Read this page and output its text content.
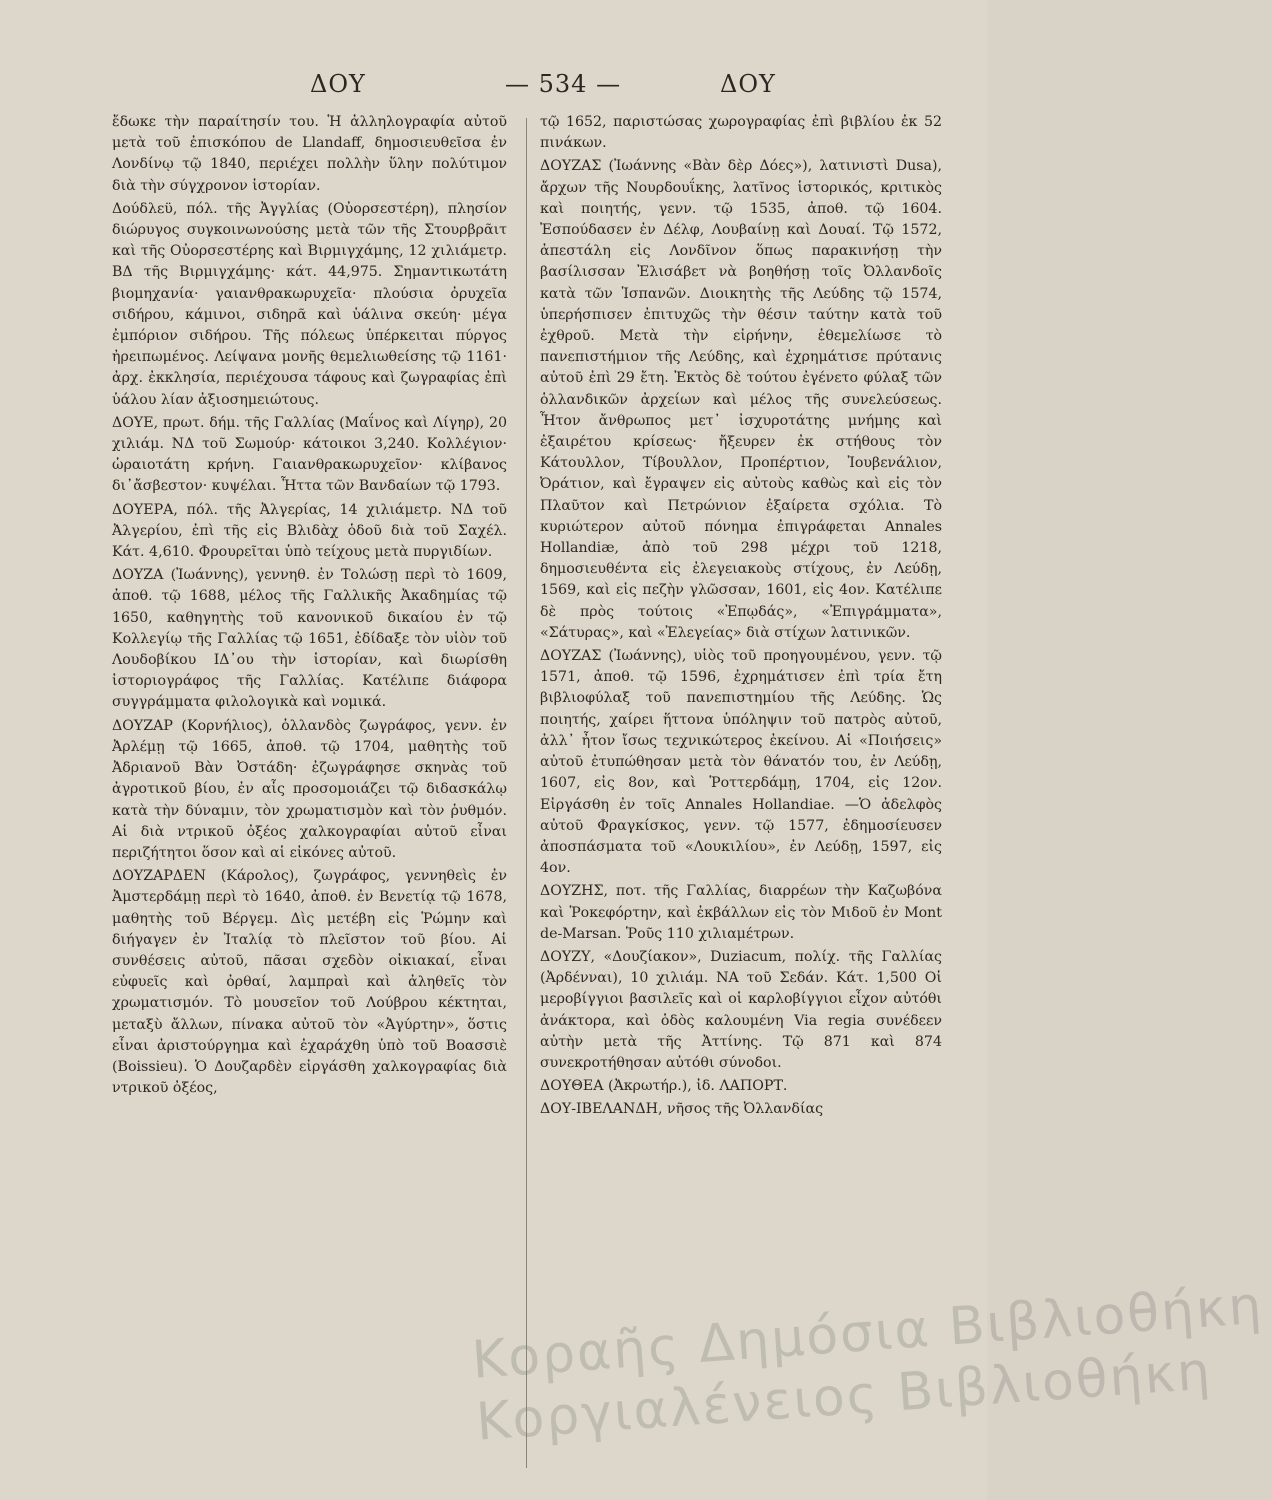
ΔΟΥ	— 534 —	ΔΟΥ

ἔδωκε τὴν παραίτησίν του. Ἡ ἀλληλογραφία αὐτοῦ μετὰ τοῦ ἐπισκόπου de Llandaff, δημοσιευθεῖσα ἐν Λονδίνῳ τῷ 1840, περιέχει πολλὴν ὕλην πολύτιμον διὰ τὴν σύγχρονον ἱστορίαν.

Δούδλεϋ, πόλ. τῆς Ἀγγλίας (Οὐορσεστέρη), πλησίον διώρυγος συγκοινωνούσης μετὰ τῶν τῆς Στουρβρᾶιτ καὶ τῆς Οὐορσεστέρης καὶ Βιρμιγχάμης, 12 χιλιάμετρ. ΒΔ τῆς Βιρμιγχάμης· κάτ. 44,975. Σημαντικωτάτη βιομηχανία· γαιανθρακωρυχεῖα· πλούσια ὀρυχεῖα σιδήρου, κάμινοι, σιδηρᾶ καὶ ὑάλινα σκεύη· μέγα ἐμπόριον σιδήρου. Τῆς πόλεως ὑπέρκειται πύργος ἠρειπωμένος. Λείψανα μονῆς θεμελιωθείσης τῷ 1161· ἀρχ. ἐκκλησία, περιέχουσα τάφους καὶ ζωγραφίας ἐπὶ ὑάλου λίαν ἀξιοσημειώτους.

ΔΟΥΕ, πρωτ. δήμ. τῆς Γαλλίας (Μαΐνος καὶ Λίγηρ), 20 χιλιάμ. ΝΔ τοῦ Σωμούρ· κάτοικοι 3,240. Κολλέγιον· ὡραιοτάτη κρήνη. Γαιανθρακωρυχεῖον· κλίβανος δι᾽ἄσβεστον· κυψέλαι. Ἧττα τῶν Βανδαίων τῷ 1793.

ΔΟΥΕΡΑ, πόλ. τῆς Ἀλγερίας, 14 χιλιάμετρ. ΝΔ τοῦ Ἀλγερίου, ἐπὶ τῆς εἰς Βλιδὰχ ὁδοῦ διὰ τοῦ Σαχέλ. Κάτ. 4,610. Φρουρεῖται ὑπὸ τείχους μετὰ πυργιδίων.

ΔΟΥΖΑ (Ἰωάννης), γεννηθ. ἐν Τολώσῃ περὶ τὸ 1609, ἀποθ. τῷ 1688, μέλος τῆς Γαλλικῆς Ἀκαδημίας τῷ 1650, καθηγητὴς τοῦ κανονικοῦ δικαίου ἐν τῷ Κολλεγίῳ τῆς Γαλλίας τῷ 1651, ἐδίδαξε τὸν υἱὸν τοῦ Λουδοβίκου ΙΔ᾽ου τὴν ἱστορίαν, καὶ διωρίσθη ἱστοριογράφος τῆς Γαλλίας. Κατέλιπε διάφορα συγγράμματα φιλολογικὰ καὶ νομικά.

ΔΟΥΖΑΡ (Κορνήλιος), ὁλλανδὸς ζωγράφος, γενν. ἐν Ἀρλέμῃ τῷ 1665, ἀποθ. τῷ 1704, μαθητὴς τοῦ Ἀδριανοῦ Βὰν Ὀστάδη· ἐζωγράφησε σκηνὰς τοῦ ἀγροτικοῦ βίου, ἐν αἷς προσομοιάζει τῷ διδασκάλῳ κατὰ τὴν δύναμιν, τὸν χρωματισμὸν καὶ τὸν ῥυθμόν. Αἱ διὰ ντρικοῦ ὀξέος χαλκογραφίαι αὐτοῦ εἶναι περιζήτητοι ὅσον καὶ αἱ εἰκόνες αὐτοῦ.

ΔΟΥΖΑΡΔΕΝ (Κάρολος), ζωγράφος, γεννηθεὶς ἐν Ἀμστερδάμῃ περὶ τὸ 1640, ἀποθ. ἐν Βενετίᾳ τῷ 1678, μαθητὴς τοῦ Βέργεμ. Δὶς μετέβη εἰς Ῥώμην καὶ διήγαγεν ἐν Ἰταλίᾳ τὸ πλεῖστον τοῦ βίου. Αἱ συνθέσεις αὐτοῦ, πᾶσαι σχεδὸν οἰκιακαί, εἶναι εὐφυεῖς καὶ ὀρθαί, λαμπραὶ καὶ ἀληθεῖς τὸν χρωματισμόν. Τὸ μουσεῖον τοῦ Λούβρου κέκτηται, μεταξὺ ἄλλων, πίνακα αὐτοῦ τὸν «Ἀγύρτην», ὅστις εἶναι ἀριστούργημα καὶ ἐχαράχθη ὑπὸ τοῦ Βοασσιὲ (Boissieu). Ὁ Δουζαρδὲν εἰργάσθη χαλκογραφίας διὰ ντρικοῦ ὀξέος,

τῷ 1652, παριστώσας χωρογραφίας ἐπὶ βιβλίου ἐκ 52 πινάκων.

ΔΟΥΖΑΣ (Ἰωάννης «Βὰν δὲρ Δόες»), λατινιστὶ Dusa), ἄρχων τῆς Νουρδουΐκης, λατῖνος ἱστορικός, κριτικὸς καὶ ποιητής, γενν. τῷ 1535, ἀποθ. τῷ 1604. Ἐσπούδασεν ἐν Δέλφ, Λουβαίνῃ καὶ Δουαί. Τῷ 1572, ἀπεστάλη εἰς Λονδῖνον ὅπως παρακινήσῃ τὴν βασίλισσαν Ἐλισάβετ νὰ βοηθήσῃ τοῖς Ὀλλανδοῖς κατὰ τῶν Ἱσπανῶν. Διοικητὴς τῆς Λεύδης τῷ 1574, ὑπερήσπισεν ἐπιτυχῶς τὴν θέσιν ταύτην κατὰ τοῦ ἐχθροῦ. Μετὰ τὴν εἰρήνην, ἐθεμελίωσε τὸ πανεπιστήμιον τῆς Λεύδης, καὶ ἐχρημάτισε πρύτανις αὐτοῦ ἐπὶ 29 ἔτη. Ἐκτὸς δὲ τούτου ἐγένετο φύλαξ τῶν ὁλλανδικῶν ἀρχείων καὶ μέλος τῆς συνελεύσεως. Ἦτον ἄνθρωπος μετ᾽ ἰσχυροτάτης μνήμης καὶ ἐξαιρέτου κρίσεως· ἤξευρεν ἐκ στήθους τὸν Κάτουλλον, Τίβουλλον, Προπέρτιον, Ἰουβενάλιον, Ὀράτιον, καὶ ἔγραψεν εἰς αὐτοὺς καθὼς καὶ εἰς τὸν Πλαῦτον καὶ Πετρώνιον ἐξαίρετα σχόλια. Τὸ κυριώτερον αὐτοῦ πόνημα ἐπιγράφεται Annales Hollandiæ, ἀπὸ τοῦ 298 μέχρι τοῦ 1218, δημοσιευθέντα εἰς ἐλεγειακοὺς στίχους, ἐν Λεύδῃ, 1569, καὶ εἰς πεζὴν γλῶσσαν, 1601, εἰς 4ον. Κατέλιπε δὲ πρὸς τούτοις «Ἐπῳδάς», «Ἐπιγράμματα», «Σάτυρας», καὶ «Ἐλεγείας» διὰ στίχων λατινικῶν.

ΔΟΥΖΑΣ (Ἰωάννης), υἱὸς τοῦ προηγουμένου, γενν. τῷ 1571, ἀποθ. τῷ 1596, ἐχρημάτισεν ἐπὶ τρία ἔτη βιβλιοφύλαξ τοῦ πανεπιστημίου τῆς Λεύδης. Ὡς ποιητής, χαίρει ἥττονα ὑπόληψιν τοῦ πατρὸς αὐτοῦ, ἀλλ᾽ ἦτον ἴσως τεχνικώτερος ἐκείνου. Αἱ «Ποιήσεις» αὐτοῦ ἐτυπώθησαν μετὰ τὸν θάνατόν του, ἐν Λεύδῃ, 1607, εἰς 8ον, καὶ Ῥοττερδάμῃ, 1704, εἰς 12ον. Εἰργάσθη ἐν τοῖς Annales Hollandiae. —Ὁ ἀδελφὸς αὐτοῦ Φραγκίσκος, γενν. τῷ 1577, ἐδημοσίευσεν ἀποσπάσματα τοῦ «Λουκιλίου», ἐν Λεύδῃ, 1597, εἰς 4ον.

ΔΟΥΖΗΣ, ποτ. τῆς Γαλλίας, διαρρέων τὴν Καζωβόνα καὶ Ῥοκεφόρτην, καὶ ἐκβάλλων εἰς τὸν Μιδοῦ ἐν Mont de-Marsan. Ῥοῦς 110 χιλιαμέτρων.

ΔΟΥΖΥ, «Δουζίακον», Duziacum, πολίχ. τῆς Γαλλίας (Ἀρδένναι), 10 χιλιάμ. ΝΑ τοῦ Σεδάν. Κάτ. 1,500 Οἱ μεροβίγγιοι βασιλεῖς καὶ οἱ καρλοβίγγιοι εἶχον αὐτόθι ἀνάκτορα, καὶ ὁδὸς καλουμένη Via regia συνέδεεν αὐτὴν μετὰ τῆς Ἀττίνης. Τῷ 871 καὶ 874 συνεκροτήθησαν αὐτόθι σύνοδοι.

ΔΟΥΘΕΑ (Ἀκρωτήρ.), ἰδ. ΛΑΠΟΡΤ.

ΔΟΥ-ΙΒΕΛΑΝΔΗ, νῆσος τῆς Ὀλλανδίας

Κοραῆς Δημόσια Βιβλιοθήκη
Κοργιαλένειος Βιβλιοθήκη
